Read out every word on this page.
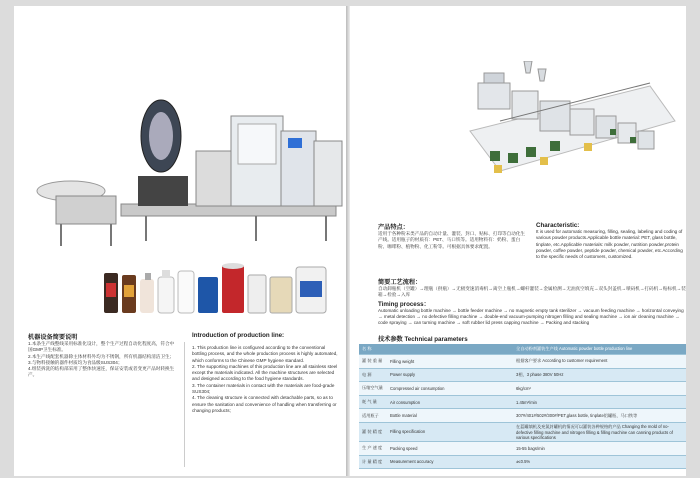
机器设备简要说明
1.本条生产线整线采用标准化设计，整个生产过程自动化程度高，符合中国GMP卫生标准。
2.本生产线配套机器除主体材料外均为不锈钢，所有机器结构清洁卫生；
3.与物料接触的器件材质均为食品级SUS304；
4.组装拆洗的结构部采用了整体快速连，保证安装或者变更产品时转换生产。
Introduction of production line:
1. This production line is configured according to the conventional bottling process, and the whole production process is highly automated, which conforms to the Chinese GMP hygiene standard.
2. The supporting machines of this production line are all stainless steel except the materials indicated. All the machine structures are selected and designed according to the food hygiene standards.
3. The container materials in contact with the materials are food-grade SUS304;
4. The cleaning structure is connected with detachable parts, so as to ensure the sanitation and convenience of handling when transferring or changing products;
产品特点：
适用于各种粉末类产品的自动计量、灌装、封口、贴标、打印等自动化生产线。适用瓶子的材质有：PET、马口铁等。适用物料有：奶粉、蛋白粉、咖啡粉、植物粉、化工粉等。可根据具体要求配置。
Characteristic:
It is used for automatic measuring, filling, sealing, labeling and coding of various powder products.Applicable bottle material: PET, glass bottle, tinplate, etc.Applicable materials: milk powder, nutrition powder,protein powder, coffee powder, peptide powder, chemical powder, etc.According to the specific needs of customers, customized.
简要工艺流程：
自动卸瓶机（空罐）→理瓶（供瓶）→无极变速消毒机→离空上瓶机→螺杆灌装→金属检测→无油真空填充→双头封盖机→喷码机→打码机→贴标机→装箱→检验→入库
Timing process：
Automatic unloading bottle machine → bottle feeder machine → no magnetic empty tank sterilizer → vacuum feeding machine → horizontal conveying → metal detection → no defective filling machine → double-end vacuum-pumping nitrogen filling and sealing machine → ion air cleaning machine → code spraying → can turning machine → soft rubber lid press capping machine → Packing and stacking
技术参数 Technical parameters
名 称		全自动粉剂灌装生产线 Automatic powder bottle production line
灌 装 重 量	Filling weight	根据客户要求 According to customer requirement
电 源	Power supply	3相，3 phase 380V 50Hz
压缩空气量	Compressed air consumption	6kg/cm²
耗 气 量	Air consumption	1.45m³/min
适用瓶子	Bottle material	307#/401#/502#/300#/PET,glass bottle, tinplate铝罐瓶、马口铁等
灌 装 精 度	Filling specification	在蓝罐填机及充氮封罐机的情况可以灌装各种规格的产品 Changing the mold of no-defective filling machine and nitrogen filling & filling machine can canning products of various specifications
生 产 速 度	Packing speed	15-55 bags/min
计 量 精 度	Measurement accuracy	±≤0.5%
